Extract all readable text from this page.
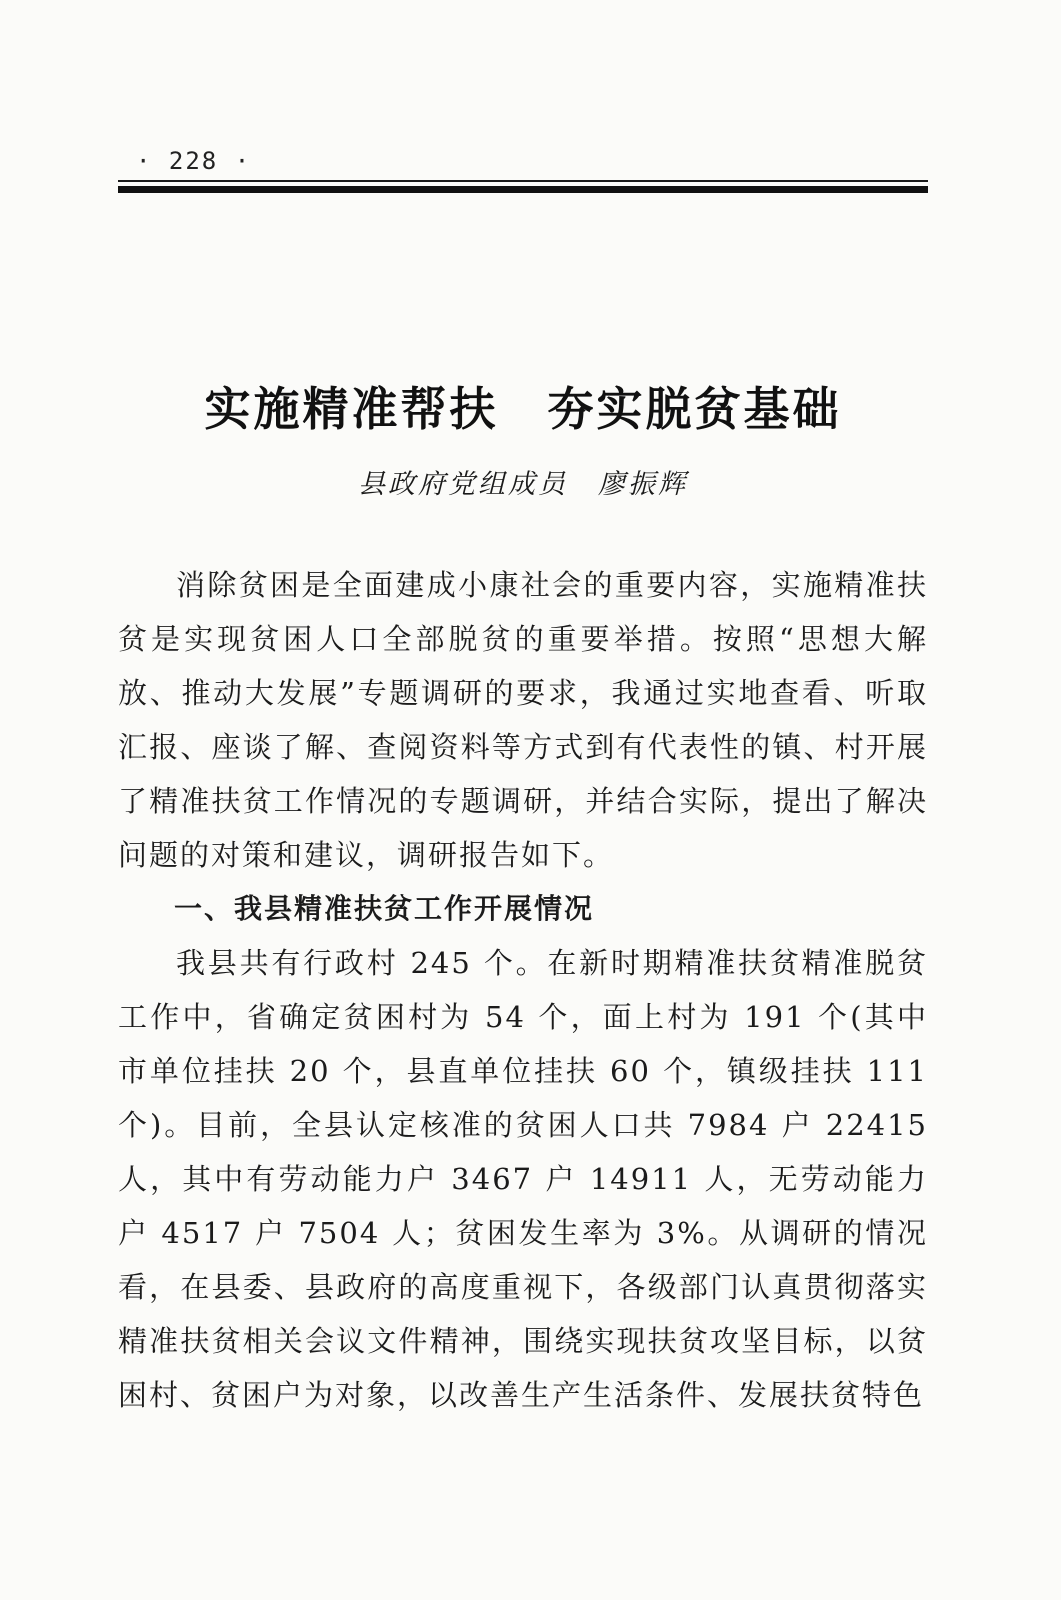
· 228 ·
实施精准帮扶　夯实脱贫基础
县政府党组成员　廖振辉

消除贫困是全面建成小康社会的重要内容，实施精准扶贫是实现贫困人口全部脱贫的重要举措。按照“思想大解放、推动大发展”专题调研的要求，我通过实地查看、听取汇报、座谈了解、查阅资料等方式到有代表性的镇、村开展了精准扶贫工作情况的专题调研，并结合实际，提出了解决问题的对策和建议，调研报告如下。

一、我县精准扶贫工作开展情况

我县共有行政村 245 个。在新时期精准扶贫精准脱贫工作中，省确定贫困村为 54 个，面上村为 191 个(其中市单位挂扶 20 个，县直单位挂扶 60 个，镇级挂扶 111 个)。目前，全县认定核准的贫困人口共 7984 户 22415 人，其中有劳动能力户 3467 户 14911 人，无劳动能力户 4517 户 7504 人；贫困发生率为 3%。从调研的情况看，在县委、县政府的高度重视下，各级部门认真贯彻落实精准扶贫相关会议文件精神，围绕实现扶贫攻坚目标，以贫困村、贫困户为对象，以改善生产生活条件、发展扶贫特色
